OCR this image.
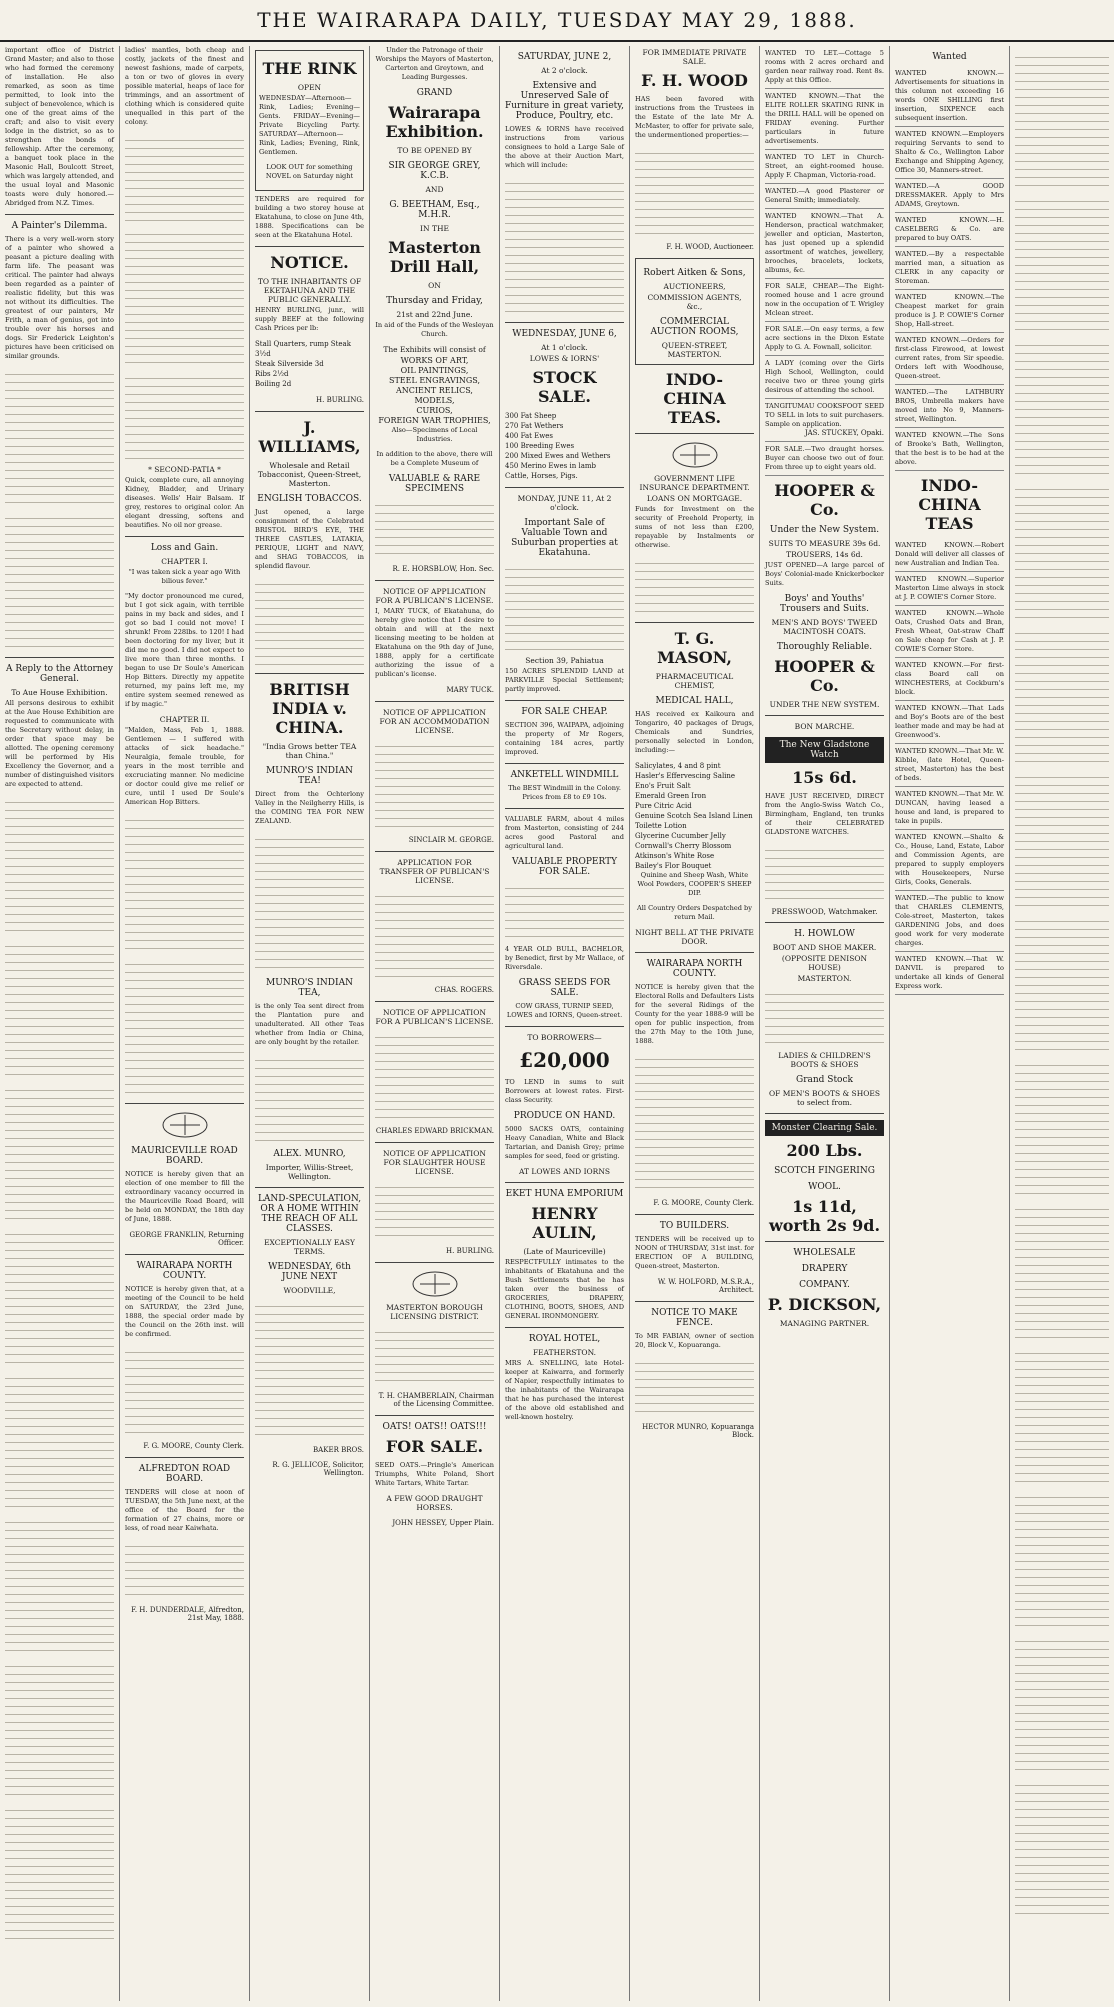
THE WAIRARAPA DAILY, TUESDAY MAY 29, 1888.

important office of District Grand Master; and also to those who had formed the ceremony of installation. He also remarked, as soon as time permitted, to look into the subject of benevolence, which is one of the great aims of the craft; and also to visit every lodge in the district, so as to strengthen the bonds of fellowship. After the ceremony, a banquet took place in the Masonic Hall, Boulcott Street, which was largely attended, and the usual loyal and Masonic toasts were duly honored.—Abridged from N.Z. Times.

A Painter's Dilemma.

There is a very well-worn story of a painter who showed a peasant a picture dealing with farm life. The peasant was critical. The painter had always been regarded as a painter of realistic fidelity, but this was not without its difficulties. The greatest of our painters, Mr Frith, a man of genius, got into trouble over his horses and dogs. Sir Frederick Leighton's pictures have been criticised on similar grounds.

A Reply to the Attorney General.
To Aue House Exhibition.

All persons desirous to exhibit at the Aue House Exhibition are requested to communicate with the Secretary without delay, in order that space may be allotted. The opening ceremony will be performed by His Excellency the Governor, and a number of distinguished visitors are expected to attend.

ladies' mantles, both cheap and costly, jackets of the finest and newest fashions, made of carpets, a ton or two of gloves in every possible material, heaps of lace for trimmings, and an assortment of clothing which is considered quite unequalled in this part of the colony.

* SECOND-PATIA *

Quick, complete cure, all annoying Kidney, Bladder, and Urinary diseases. Wells' Hair Balsam. If grey, restores to original color. An elegant dressing, softens and beautifies. No oil nor grease.

Loss and Gain.
CHAPTER I.

"I was taken sick a year ago With bilious fever."

"My doctor pronounced me cured, but I got sick again, with terrible pains in my back and sides, and I got so bad I could not move! I shrunk! From 228lbs. to 120! I had been doctoring for my liver, but it did me no good. I did not expect to live more than three months. I began to use Dr Soule's American Hop Bitters. Directly my appetite returned, my pains left me, my entire system seemed renewed as if by magic."

CHAPTER II.

"Malden, Mass, Feb 1, 1888. Gentlemen — I suffered with attacks of sick headache." Neuralgia, female trouble, for years in the most terrible and excruciating manner. No medicine or doctor could give me relief or cure, until I used Dr Soule's American Hop Bitters.

MAURICEVILLE ROAD BOARD.

NOTICE is hereby given that an election of one member to fill the extraordinary vacancy occurred in the Mauriceville Road Board, will be held on MONDAY, the 18th day of June, 1888.

GEORGE FRANKLIN, Returning Officer.

WAIRARAPA NORTH COUNTY.

NOTICE is hereby given that, at a meeting of the Council to be held on SATURDAY, the 23rd June, 1888, the special order made by the Council on the 26th inst. will be confirmed.

F. G. MOORE, County Clerk.

ALFREDTON ROAD BOARD.

TENDERS will close at noon of TUESDAY, the 5th June next, at the office of the Board for the formation of 27 chains, more or less, of road near Kaiwhata.

F. H. DUNDERDALE, Alfredton, 21st May, 1888.

THE RINK
OPEN

WEDNESDAY—Afternoon—Rink, Ladies; Evening—Gents. FRIDAY—Evening—Private Bicycling Party. SATURDAY—Afternoon—Rink, Ladies; Evening, Rink, Gentlemen.

LOOK OUT for something NOVEL on Saturday night

TENDERS are required for building a two storey house at Ekatahuna, to close on June 4th, 1888. Specifications can be seen at the Ekatahuna Hotel.

NOTICE.
TO THE INHABITANTS OF EKETAHUNA AND THE PUBLIC GENERALLY.

HENRY BURLING, junr., will supply BEEF at the following Cash Prices per lb:

Stall Quarters, rump Steak 3½d
Steak Silverside 3d
Ribs 2½d
Boiling 2d

H. BURLING.

J. WILLIAMS,
Wholesale and Retail Tobacconist, Queen-Street, Masterton.
ENGLISH TOBACCOS.

Just opened, a large consignment of the Celebrated BRISTOL BIRD'S EYE, THE THREE CASTLES, LATAKIA, PERIQUE, LIGHT and NAVY, and SHAG TOBACCOS, in splendid flavour.

BRITISH INDIA v. CHINA.
"India Grows better TEA than China."
MUNRO'S INDIAN TEA!

Direct from the Ochterlony Valley in the Neilgherry Hills, is the COMING TEA FOR NEW ZEALAND.

MUNRO'S INDIAN TEA,

is the only Tea sent direct from the Plantation pure and unadulterated. All other Teas whether from India or China, are only bought by the retailer.

ALEX. MUNRO,
Importer, Willis-Street, Wellington.
LAND-SPECULATION, OR A HOME WITHIN THE REACH OF ALL CLASSES.
EXCEPTIONALLY EASY TERMS.
WEDNESDAY, 6th JUNE NEXT
WOODVILLE,

BAKER BROS.

R. G. JELLICOE, Solicitor, Wellington.

Under the Patronage of their Worships the Mayors of Masterton, Carterton and Greytown, and Leading Burgesses.

GRAND
Wairarapa Exhibition.
TO BE OPENED BY
SIR GEORGE GREY, K.C.B.
AND
G. BEETHAM, Esq., M.H.R.
IN THE
Masterton Drill Hall,
ON
Thursday and Friday,
21st and 22nd June.

In aid of the Funds of the Wesleyan Church.

The Exhibits will consist of
WORKS OF ART,
OIL PAINTINGS,
STEEL ENGRAVINGS,
ANCIENT RELICS,
MODELS,
CURIOS,
FOREIGN WAR TROPHIES,

Also—Specimens of Local Industries.

In addition to the above, there will be a Complete Museum of

VALUABLE & RARE SPECIMENS

R. E. HORSBLOW, Hon. Sec.

NOTICE OF APPLICATION FOR A PUBLICAN'S LICENSE.

I, MARY TUCK, of Ekatahuna, do hereby give notice that I desire to obtain and will at the next licensing meeting to be holden at Ekatahuna on the 9th day of June, 1888, apply for a certificate authorizing the issue of a publican's license.

MARY TUCK.

NOTICE OF APPLICATION FOR AN ACCOMMODATION LICENSE.

SINCLAIR M. GEORGE.

APPLICATION FOR TRANSFER OF PUBLICAN'S LICENSE.

CHAS. ROGERS.

NOTICE OF APPLICATION FOR A PUBLICAN'S LICENSE.

CHARLES EDWARD BRICKMAN.

NOTICE OF APPLICATION FOR SLAUGHTER HOUSE LICENSE.

H. BURLING.

MASTERTON BOROUGH LICENSING DISTRICT.

T. H. CHAMBERLAIN, Chairman of the Licensing Committee.

OATS! OATS!! OATS!!!
FOR SALE.

SEED OATS.—Pringle's American Triumphs, White Poland, Short White Tartars, White Tartar.

A FEW GOOD DRAUGHT HORSES.

JOHN HESSEY, Upper Plain.

SATURDAY, JUNE 2,
At 2 o'clock.
Extensive and Unreserved Sale of Furniture in great variety, Produce, Poultry, etc.

LOWES & IORNS have received instructions from various consignees to hold a Large Sale of the above at their Auction Mart, which will include:

WEDNESDAY, JUNE 6,
At 1 o'clock.
LOWES & IORNS'
STOCK SALE.
300 Fat Sheep
270 Fat Wethers
400 Fat Ewes
100 Breeding Ewes
200 Mixed Ewes and Wethers
450 Merino Ewes in lamb
Cattle, Horses, Pigs.
MONDAY, JUNE 11, At 2 o'clock.
Important Sale of Valuable Town and Suburban properties at Ekatahuna.
Section 39, Pahiatua

150 ACRES SPLENDID LAND at PARKVILLE Special Settlement; partly improved.

FOR SALE CHEAP.

SECTION 396, WAIPAPA, adjoining the property of Mr Rogers, containing 184 acres, partly improved.

ANKETELL WINDMILL

The BEST Windmill in the Colony. Prices from £8 to £9 10s.

VALUABLE FARM, about 4 miles from Masterton, consisting of 244 acres good Pastoral and agricultural land.

VALUABLE PROPERTY FOR SALE.

4 YEAR OLD BULL, BACHELOR, by Benedict, first by Mr Wallace, of Riversdale.

GRASS SEEDS FOR SALE.

COW GRASS, TURNIP SEED, LOWES and IORNS, Queen-street.

TO BORROWERS—
£20,000

TO LEND in sums to suit Borrowers at lowest rates. First-class Security.

PRODUCE ON HAND.

5000 SACKS OATS, containing Heavy Canadian, White and Black Tartarian, and Danish Grey; prime samples for seed, feed or gristing.

AT LOWES AND IORNS
EKET HUNA EMPORIUM
HENRY AULIN,
(Late of Mauriceville)

RESPECTFULLY intimates to the inhabitants of Ekatahuna and the Bush Settlements that he has taken over the business of GROCERIES, DRAPERY, CLOTHING, BOOTS, SHOES, AND GENERAL IRONMONGERY.

ROYAL HOTEL,
FEATHERSTON.

MRS A. SNELLING, late Hotel-keeper at Kaiwarra, and formerly of Napier, respectfully intimates to the inhabitants of the Wairarapa that he has purchased the interest of the above old established and well-known hostelry.

FOR IMMEDIATE PRIVATE SALE.
F. H. WOOD

HAS been favored with instructions from the Trustees in the Estate of the late Mr A. McMaster, to offer for private sale, the undermentioned properties:—

F. H. WOOD, Auctioneer.

Robert Aitken & Sons,
AUCTIONEERS,
COMMISSION AGENTS, &c.,
COMMERCIAL AUCTION ROOMS,
QUEEN-STREET, MASTERTON.
INDO-CHINA TEAS.
GOVERNMENT LIFE INSURANCE DEPARTMENT.
LOANS ON MORTGAGE.

Funds for Investment on the security of Freehold Property, in sums of not less than £200, repayable by Instalments or otherwise.

T. G. MASON,
PHARMACEUTICAL CHEMIST,
MEDICAL HALL,

HAS received ex Kaikoura and Tongariro, 40 packages of Drugs, Chemicals and Sundries, personally selected in London, including:—

Salicylates, 4 and 8 pint
Hasler's Effervescing Saline
Eno's Fruit Salt
Emerald Green Iron
Pure Citric Acid
Genuine Scotch Sea Island Linen
Toilette Lotion
Glycerine Cucumber Jelly
Cornwall's Cherry Blossom
Atkinson's White Rose
Bailey's Flor Bouquet

Quinine and Sheep Wash, White Wool Powders, COOPER'S SHEEP DIP.

All Country Orders Despatched by return Mail.

NIGHT BELL AT THE PRIVATE DOOR.
WAIRARAPA NORTH COUNTY.

NOTICE is hereby given that the Electoral Rolls and Defaulters Lists for the several Ridings of the County for the year 1888-9 will be open for public inspection, from the 27th May to the 10th June, 1888.

F. G. MOORE, County Clerk.

TO BUILDERS.

TENDERS will be received up to NOON of THURSDAY, 31st inst. for ERECTION OF A BUILDING, Queen-street, Masterton.

W. W. HOLFORD, M.S.R.A., Architect.

NOTICE TO MAKE FENCE.

To MR FABIAN, owner of section 20, Block V., Kopuaranga.

HECTOR MUNRO, Kopuaranga Block.

WANTED TO LET.—Cottage 5 rooms with 2 acres orchard and garden near railway road. Rent 8s. Apply at this Office.
WANTED KNOWN.—That the ELITE ROLLER SKATING RINK in the DRILL HALL will be opened on FRIDAY evening. Further particulars in future advertisements.
WANTED TO LET in Church-Street, an eight-roomed house. Apply F. Chapman, Victoria-road.
WANTED.—A good Plasterer or General Smith; immediately.
WANTED KNOWN.—That A. Henderson, practical watchmaker, jeweller and optician, Masterton, has just opened up a splendid assortment of watches, jewellery, brooches, bracelets, lockets, albums, &c.
FOR SALE, CHEAP.—The Eight-roomed house and 1 acre ground now in the occupation of T. Wrigley Mclean street.
FOR SALE.—On easy terms, a few acre sections in the Dixon Estate Apply to G. A. Fownall, solicitor.
A LADY (coming over the Girls High School, Wellington, could receive two or three young girls desirous of attending the school.
TANGITUMAU COOKSFOOT SEED TO SELL in lots to suit purchasers. Sample on application.
JAS. STUCKEY, Opaki.
FOR SALE.—Two draught horses. Buyer can choose two out of four. From three up to eight years old.
HOOPER & Co.
Under the New System.
SUITS TO MEASURE 39s 6d.
TROUSERS, 14s 6d.

JUST OPENED—A large parcel of Boys' Colonial-made Knickerbocker Suits.

Boys' and Youths' Trousers and Suits.
MEN'S AND BOYS' TWEED MACINTOSH COATS.
Thoroughly Reliable.
HOOPER & Co.
UNDER THE NEW SYSTEM.
BON MARCHE.
The New Gladstone Watch
15s 6d.

HAVE JUST RECEIVED, DIRECT from the Anglo-Swiss Watch Co., Birmingham, England, ten trunks of their CELEBRATED GLADSTONE WATCHES.

PRESSWOOD, Watchmaker.
H. HOWLOW
BOOT AND SHOE MAKER.
(OPPOSITE DENISON HOUSE)
MASTERTON.
LADIES & CHILDREN'S BOOTS & SHOES
Grand Stock
OF MEN'S BOOTS & SHOES to select from.
Monster Clearing Sale.
200 Lbs.
SCOTCH FINGERING
WOOL.
1s 11d, worth 2s 9d.
WHOLESALE
DRAPERY
COMPANY.
P. DICKSON,
MANAGING PARTNER.
Wanted
WANTED KNOWN.—Advertisements for situations in this column not exceeding 16 words ONE SHILLING first insertion, SIXPENCE each subsequent insertion.
WANTED KNOWN.—Employers requiring Servants to send to Shalto & Co., Wellington Labor Exchange and Shipping Agency, Office 30, Manners-street.
WANTED.—A GOOD DRESSMAKER. Apply to Mrs ADAMS, Greytown.
WANTED KNOWN.—H. CASELBERG & Co. are prepared to buy OATS.
WANTED.—By a respectable married man, a situation as CLERK in any capacity or Storeman.
WANTED KNOWN.—The Cheapest market for grain produce is J. P. COWIE'S Corner Shop, Hall-street.
WANTED KNOWN.—Orders for first-class Firewood, at lowest current rates, from Sir speedie. Orders left with Woodhouse, Queen-street.
WANTED.—The LATHBURY BROS, Umbrella makers have moved into No 9, Manners-street, Wellington.
WANTED KNOWN.—The Sons of Brooke's Bath, Wellington, that the best is to be had at the above.
INDO-CHINA TEAS
WANTED KNOWN.—Robert Donald will deliver all classes of new Australian and Indian Tea.
WANTED KNOWN.—Superior Masterton Lime always in stock at J. P. COWIE'S Corner Store.
WANTED KNOWN.—Whole Oats, Crushed Oats and Bran, Fresh Wheat, Oat-straw Chaff on Sale cheap for Cash at J. P. COWIE'S Corner Store.
WANTED KNOWN.—For first-class Board call on WINCHESTERS, at Cockburn's block.
WANTED KNOWN.—That Lads and Boy's Boots are of the best leather made and may be had at Greenwood's.
WANTED KNOWN.—That Mr. W. Kibble, (late Hotel, Queen-street, Masterton) has the best of beds.
WANTED KNOWN.—That Mr. W. DUNCAN, having leased a house and land, is prepared to take in pupils.
WANTED KNOWN.—Shalto & Co., House, Land, Estate, Labor and Commission Agents, are prepared to supply employers with Housekeepers, Nurse Girls, Cooks, Generals.
WANTED.—The public to know that CHARLES CLEMENTS, Cole-street, Masterton, takes GARDENING Jobs, and does good work for very moderate charges.
WANTED KNOWN.—That W. DANVIL is prepared to undertake all kinds of General Express work.
